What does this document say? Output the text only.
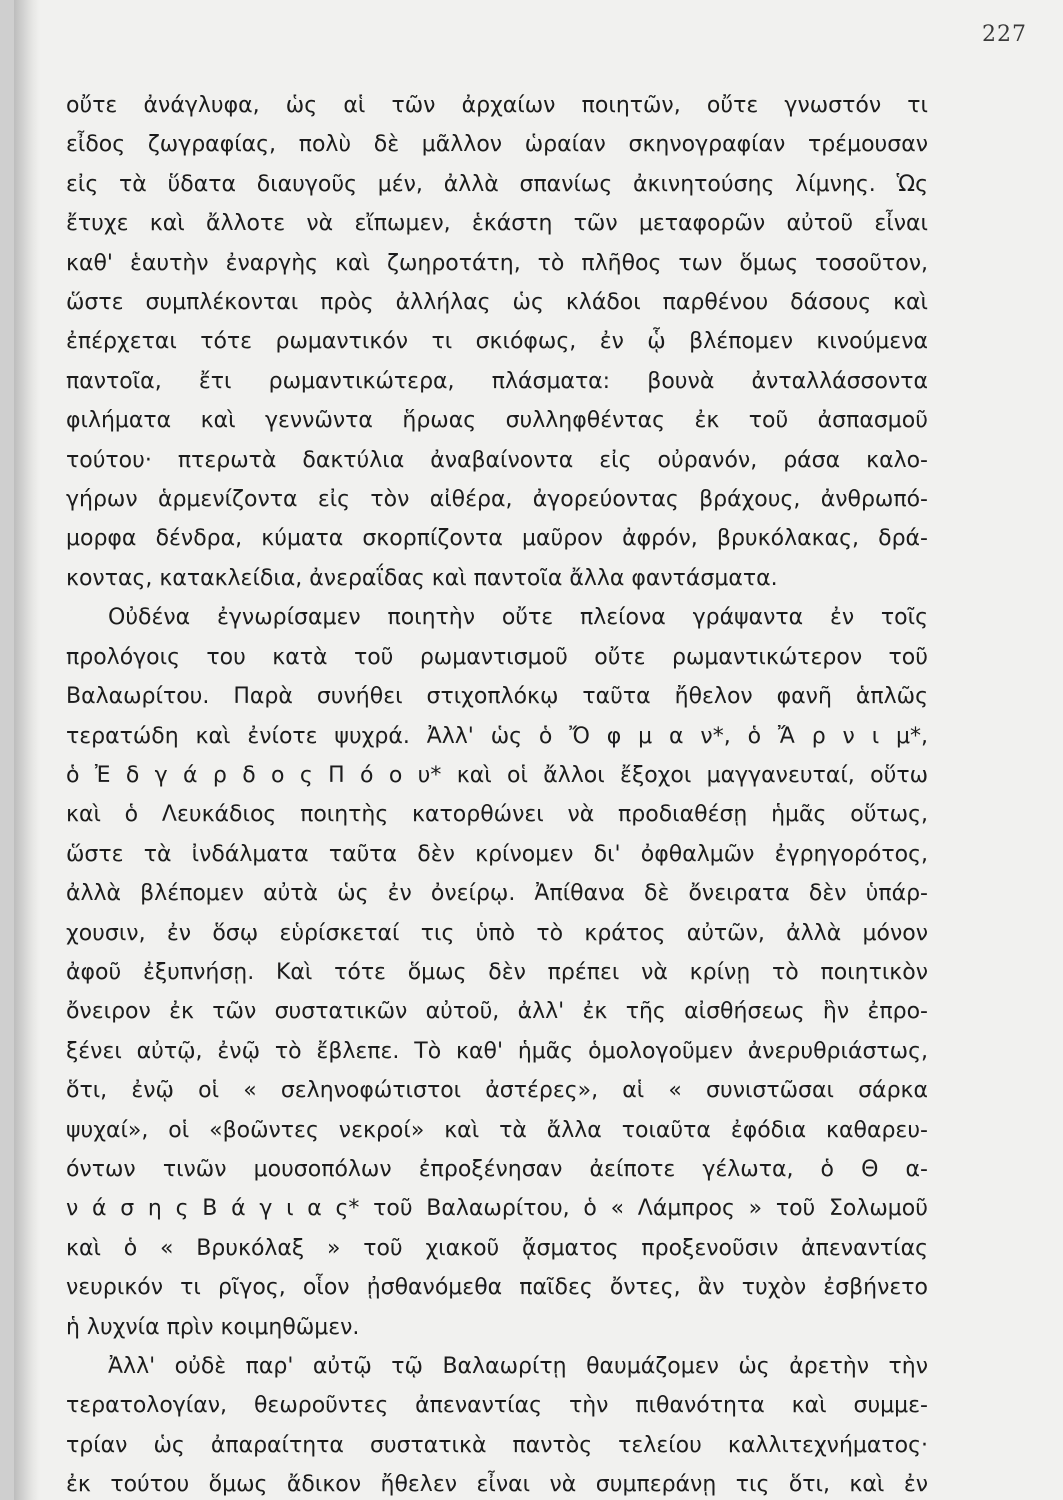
227
οὔτε ἀνάγλυφα, ὡς αἱ τῶν ἀρχαίων ποιητῶν, οὔτε γνωστόν τι
εἶδος ζωγραφίας, πολὺ δὲ μᾶλλον ὡραίαν σκηνογραφίαν τρέμουσαν
εἰς τὰ ὕδατα διαυγοῦς μέν, ἀλλὰ σπανίως ἀκινητούσης λίμνης. Ὡς
ἔτυχε καὶ ἄλλοτε νὰ εἴπωμεν, ἑκάστη τῶν μεταφορῶν αὐτοῦ εἶναι
καθ' ἑαυτὴν ἐναργὴς καὶ ζωηροτάτη, τὸ πλῆθος των ὅμως τοσοῦτον,
ὥστε συμπλέκονται πρὸς ἀλλήλας ὡς κλάδοι παρθένου δάσους καὶ
ἐπέρχεται τότε ρωμαντικόν τι σκιόφως, ἐν ᾧ βλέπομεν κινούμενα
παντοῖα, ἔτι ρωμαντικώτερα, πλάσματα: βουνὰ ἀνταλλάσσοντα
φιλήματα καὶ γεννῶντα ἥρωας συλληφθέντας ἐκ τοῦ ἀσπασμοῦ
τούτου· πτερωτὰ δακτύλια ἀναβαίνοντα εἰς οὐρανόν, ράσα καλο-
γήρων ἁρμενίζοντα εἰς τὸν αἰθέρα, ἀγορεύοντας βράχους, ἀνθρωπό-
μορφα δένδρα, κύματα σκορπίζοντα μαῦρον ἀφρόν, βρυκόλακας, δρά-
κοντας, κατακλείδια, ἀνεραΐδας καὶ παντοῖα ἄλλα φαντάσματα.
Οὐδένα ἐγνωρίσαμεν ποιητὴν οὔτε πλείονα γράψαντα ἐν τοῖς
προλόγοις του κατὰ τοῦ ρωμαντισμοῦ οὔτε ρωμαντικώτερον τοῦ
Βαλαωρίτου. Παρὰ συνήθει στιχοπλόκῳ ταῦτα ἤθελον φανῆ ἁπλῶς
τερατώδη καὶ ἐνίοτε ψυχρά. Ἀλλ' ὡς ὁ Ὄ φ μ α ν*, ὁ Ἄ ρ ν ι μ*,
ὁ Ἐ δ γ ά ρ δ ο ς Π ό ο υ* καὶ οἱ ἄλλοι ἔξοχοι μαγγανευταί, οὕτω
καὶ ὁ Λευκάδιος ποιητὴς κατορθώνει νὰ προδιαθέσῃ ἡμᾶς οὕτως,
ὥστε τὰ ἰνδάλματα ταῦτα δὲν κρίνομεν δι' ὀφθαλμῶν ἐγρηγορότος,
ἀλλὰ βλέπομεν αὐτὰ ὡς ἐν ὀνείρῳ. Ἀπίθανα δὲ ὄνειρατα δὲν ὑπάρ-
χουσιν, ἐν ὅσῳ εὑρίσκεταί τις ὑπὸ τὸ κράτος αὐτῶν, ἀλλὰ μόνον
ἀφοῦ ἐξυπνήσῃ. Καὶ τότε ὅμως δὲν πρέπει νὰ κρίνῃ τὸ ποιητικὸν
ὄνειρον ἐκ τῶν συστατικῶν αὐτοῦ, ἀλλ' ἐκ τῆς αἰσθήσεως ἣν ἐπρο-
ξένει αὐτῷ, ἐνῷ τὸ ἔβλεπε. Τὸ καθ' ἡμᾶς ὁμολογοῦμεν ἀνερυθριάστως,
ὅτι, ἐνῷ οἱ « σεληνοφώτιστοι ἀστέρες», αἱ « συνιστῶσαι σάρκα
ψυχαί», οἱ «βοῶντες νεκροί» καὶ τὰ ἄλλα τοιαῦτα ἐφόδια καθαρευ-
όντων τινῶν μουσοπόλων ἐπροξένησαν ἀείποτε γέλωτα, ὁ Θ α-
ν ά σ η ς Β ά γ ι α ς* τοῦ Βαλαωρίτου, ὁ « Λάμπρος » τοῦ Σολωμοῦ
καὶ ὁ « Βρυκόλαξ » τοῦ χιακοῦ ᾄσματος προξενοῦσιν ἀπεναντίας
νευρικόν τι ρῖγος, οἷον ᾐσθανόμεθα παῖδες ὄντες, ἂν τυχὸν ἐσβήνετο
ἡ λυχνία πρὶν κοιμηθῶμεν.
Ἀλλ' οὐδὲ παρ' αὐτῷ τῷ Βαλαωρίτῃ θαυμάζομεν ὡς ἀρετὴν τὴν
τερατολογίαν, θεωροῦντες ἀπεναντίας τὴν πιθανότητα καὶ συμμε-
τρίαν ὡς ἀπαραίτητα συστατικὰ παντὸς τελείου καλλιτεχνήματος·
ἐκ τούτου ὅμως ἄδικον ἤθελεν εἶναι νὰ συμπεράνῃ τις ὅτι, καὶ ἐν
